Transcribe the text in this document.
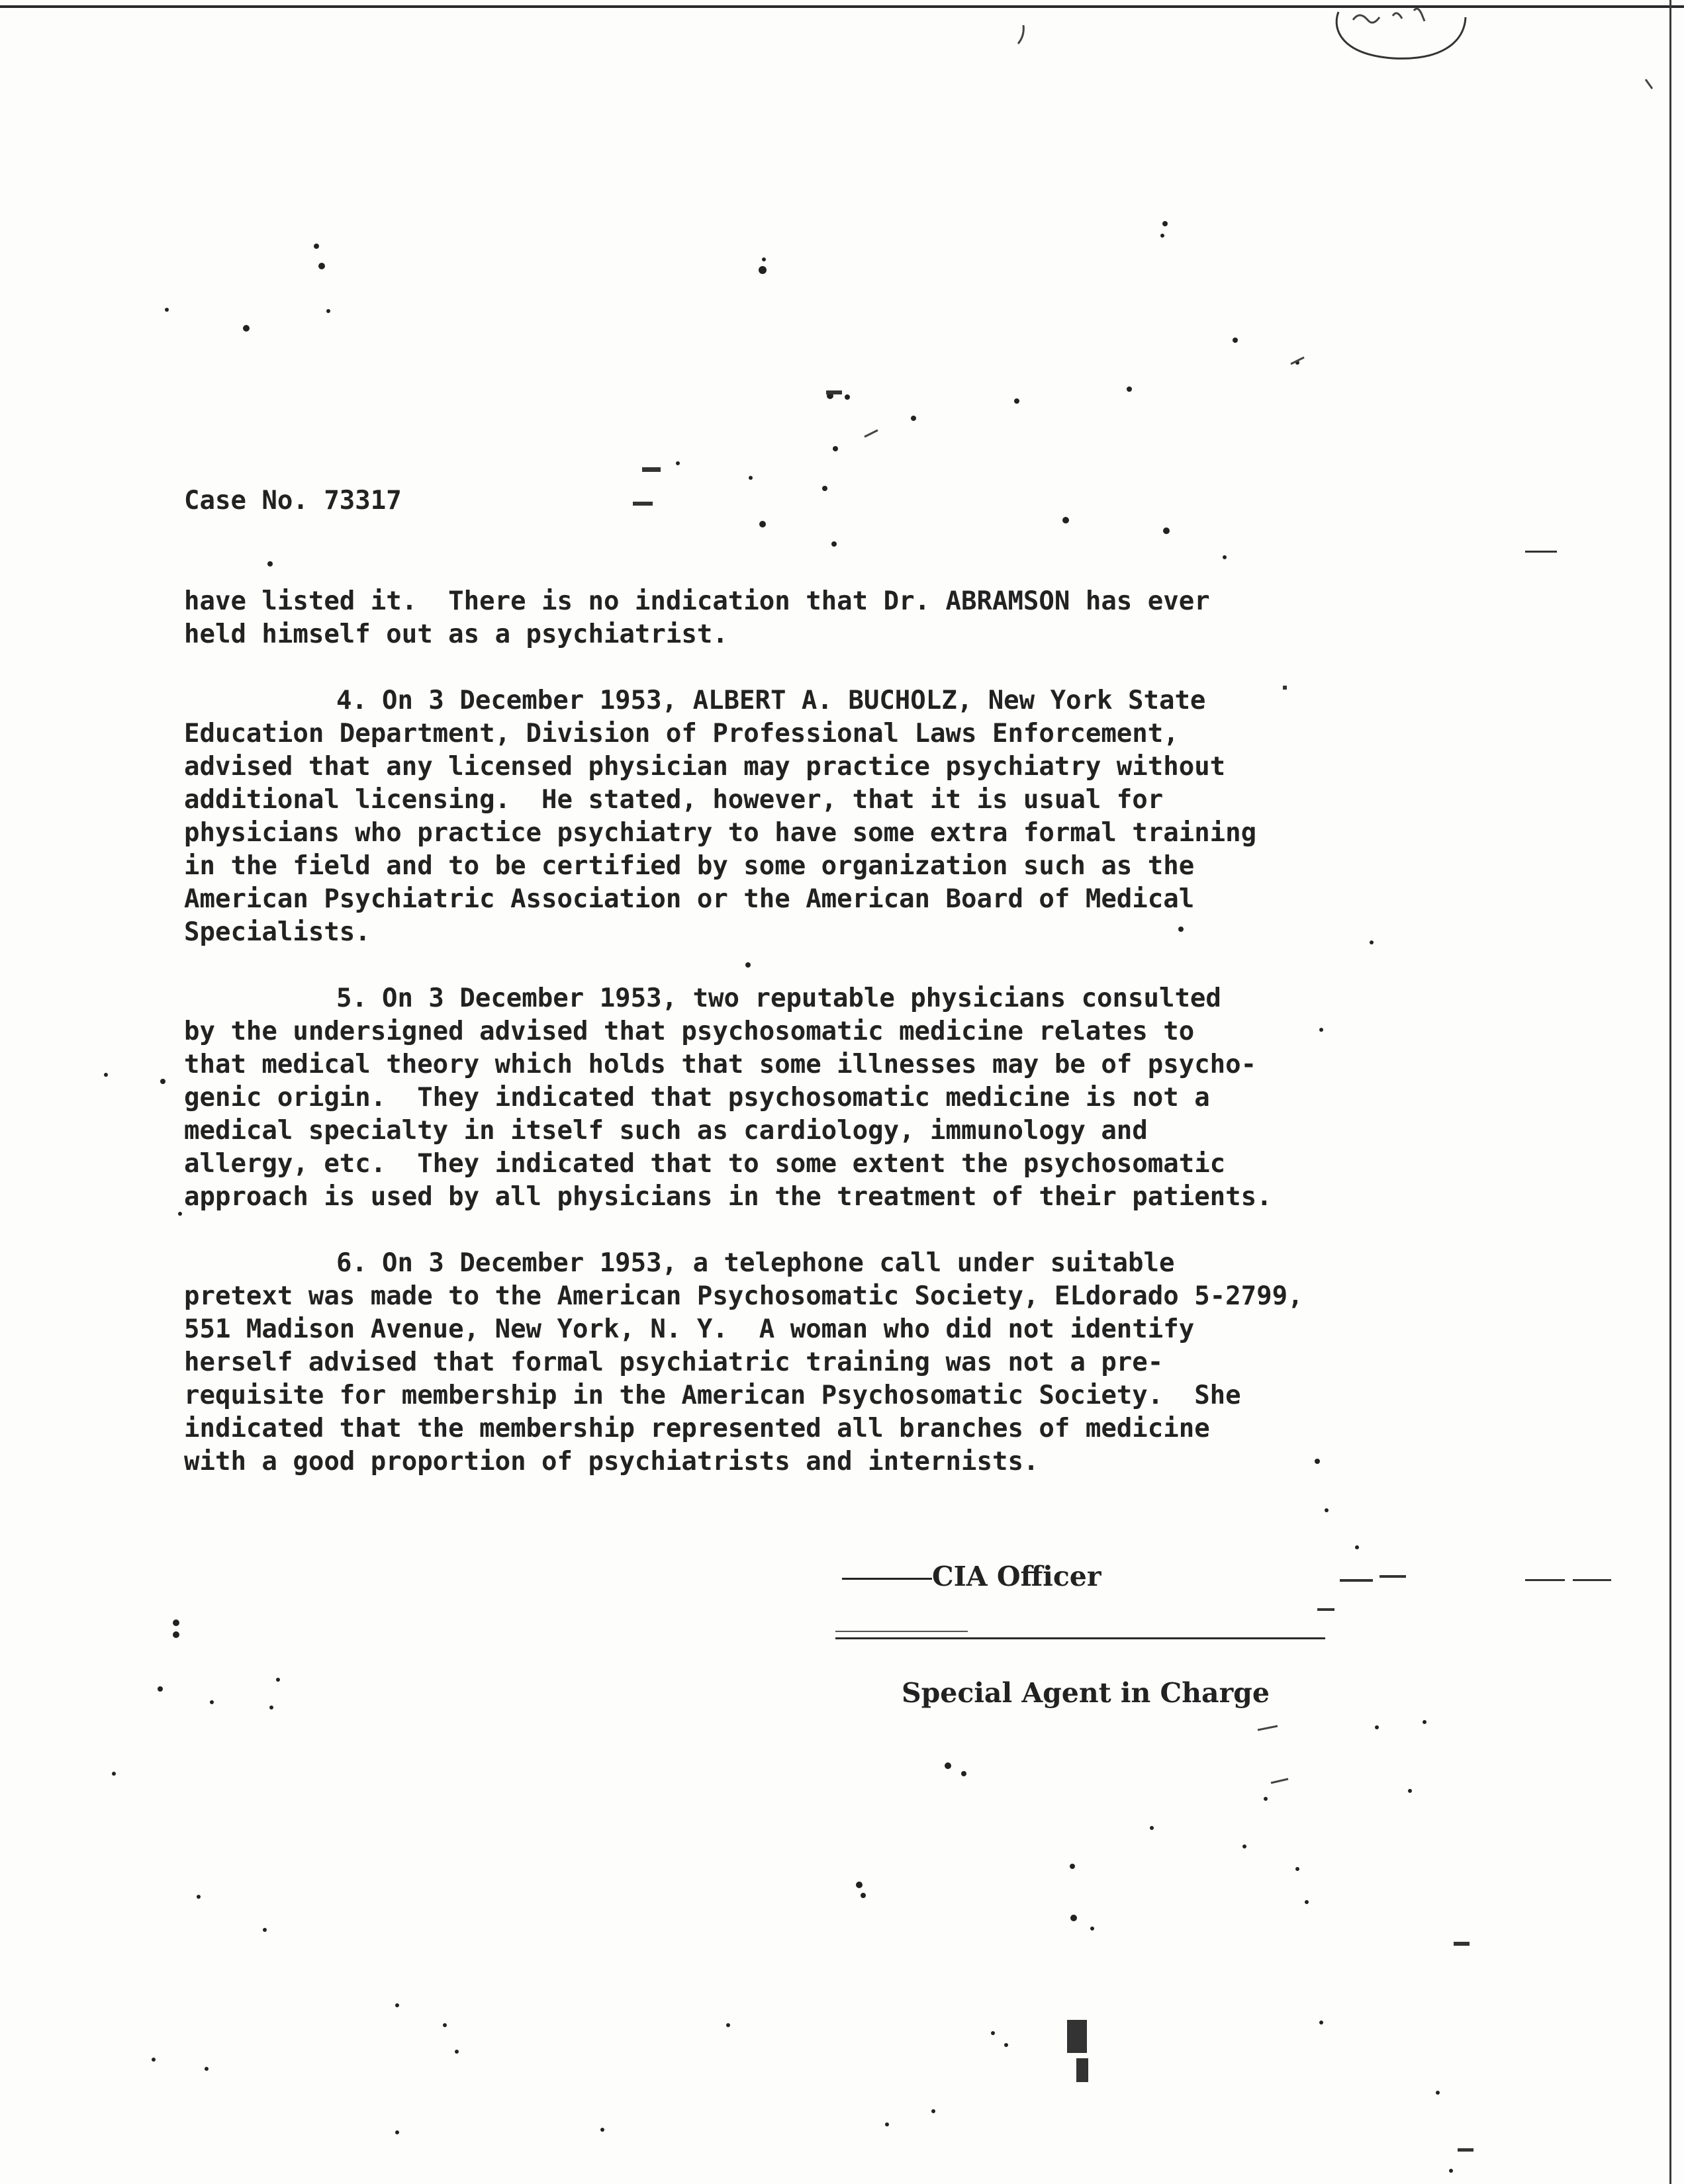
Case No. 73317
have listed it.  There is no indication that Dr. ABRAMSON has ever
held himself out as a psychiatrist.
4. On 3 December 1953, ALBERT A. BUCHOLZ, New York State
Education Department, Division of Professional Laws Enforcement,
advised that any licensed physician may practice psychiatry without
additional licensing.  He stated, however, that it is usual for
physicians who practice psychiatry to have some extra formal training
in the field and to be certified by some organization such as the
American Psychiatric Association or the American Board of Medical
Specialists.
5. On 3 December 1953, two reputable physicians consulted
by the undersigned advised that psychosomatic medicine relates to
that medical theory which holds that some illnesses may be of psycho-
genic origin.  They indicated that psychosomatic medicine is not a
medical specialty in itself such as cardiology, immunology and
allergy, etc.  They indicated that to some extent the psychosomatic
approach is used by all physicians in the treatment of their patients.
6. On 3 December 1953, a telephone call under suitable
pretext was made to the American Psychosomatic Society, ELdorado 5-2799,
551 Madison Avenue, New York, N. Y.  A woman who did not identify
herself advised that formal psychiatric training was not a pre-
requisite for membership in the American Psychosomatic Society.  She
indicated that the membership represented all branches of medicine
with a good proportion of psychiatrists and internists.
CIA Officer
Special Agent in Charge
